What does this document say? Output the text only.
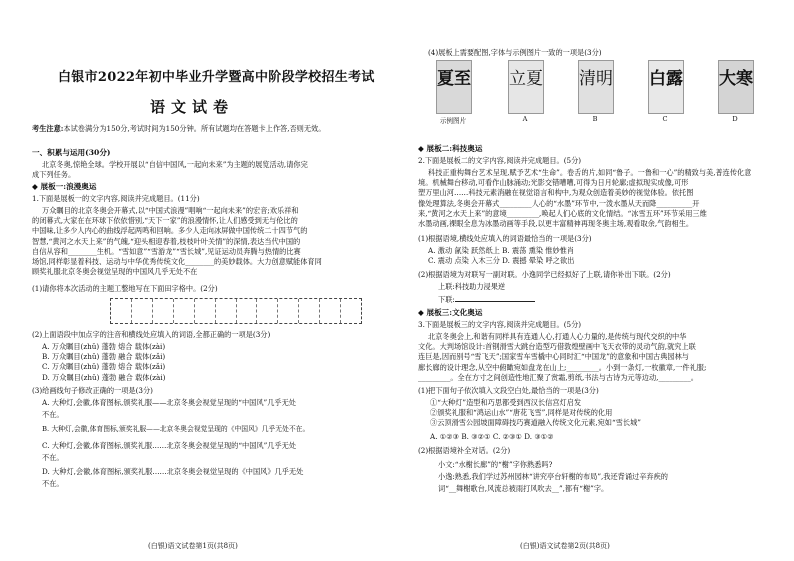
白银市2022年初中毕业升学暨高中阶段学校招生考试
语文试卷
考生注意:本试卷满分为150分,考试时间为150分钟。所有试题均在答题卡上作答,否则无效。
一、积累与运用(30分)
北京冬奥,惊艳全球。学校开展以“自信中国风,一起向未来”为主题的展览活动,请你完
成下列任务。
◆ 展板一:浪漫奥运
1.下面是展板一的文字内容,阅读并完成题目。(11分)
万众瞩目的北京冬奥会开幕式,以“中国式浪漫”唱响“一起向未来”的宏音;欢乐祥和
的闭幕式,大家在在环球下依依惜别,“天下一家”的浪漫情怀,让人们感受到无与伦比的
中国味,让多少人内心的曲线浮起两鸣和回响。多少人走向冰屏做中国传统二十四节气的
智慧,“黄河之水天上来”的气魄,“迎头相迎春着,枝枝叶叶关情”的深情,表达当代中国的
自信从容和________生机。“雪如意”“雪游龙”“雪长城”,见证运动员奔腾与热情的比赛
场馆,同样彰显着科技、运动与中华优秀传统文化________的美妙载体。大力创意赋能体育同
顾奖礼服北京冬奥会视觉呈现的中国风几乎无处不在
(1)请你将本次活动的主题工整地写在下面田字格中。(2分)
(2)上面语段中加点字的注音和横线处应填入的词语,全都正确的一项是(3分)
A. 万众瞩目(zhǔ) 蓬勃 熔合 载体(zài)
B. 万众瞩目(zhǔ) 蓬勃 融合 载体(zǎi)
C. 万众瞩目(zhǔ) 蓬勃 熔合 载体(zǎi)
D. 万众瞩目(zhǔ) 蓬勃 融合 载体(zài)
(3)给画线句子修改正确的一项是(3分)
A. 大种灯,会徽,体育图标,颁奖礼服——北京冬奥会视觉呈现的“中国风”几乎无处
不在。
B. 大种灯,会徽,体育图标,颁奖礼服——北京冬奥会视觉呈现的《中国风》几乎无处不在。
C. 大种灯,会徽,体育图标,颁奖礼服……北京冬奥会视觉呈现的“中国风”几乎无处
不在。
D. 大种灯,会徽,体育图标,颁奖礼服……北京冬奥会视觉呈现的《中国风》几乎无处
不在。
(白银)语文试卷第1页(共8页)
(4)展板上需要配图,字体与示例图片一致的一项是(3分)
夏至 立夏 清明 白露 大寒
示例图片	A	B	C	D
◆ 展板二:科技奥运
2.下面是展板二的文字内容,阅读并完成题目。(5分)
科技正重构舞台艺术呈现,赋予艺术“生命”。卷舌的片,如同“鲁子。一鲁和一心”的精致与美,普连传化意
境。机械舞台移动,可看作山脉涌动;光影交错嘈嘈,可得为日月轮廓;虚拟现实成像,可形
塑万里山河……科技元素消融在视觉语言和构中,为观众创造着美妙的视觉体验。依托图
像处理算法,冬奥会开幕式_________人心的“水墨”环节中,一泼水墨从天而降__________开
来,“黄河之水天上来”的意境_________,唤起人们心底的文化情结。“冰雪五环”环节采用三维
水墨动画,裸眼全息为冰墨动画等手段,以更丰富精神再现冬奥主场,观看取余,气韵相生。
(1)根据语境,横线处应填入的词语最恰当的一项是(3分)
A. 激动 氤染 跃然纸上 B. 震荡 熏染 惟妙惟肖
C. 震动 点染 入木三分 D. 震撼 晕染 呼之欲出
(2)根据语境为对联写一副对联。小逸同学已经拟好了上联,请你补出下联。(2分)
上联:科技助力浸果逆
下联:
◆ 展板三:文化奥运
3.下面是展板三的文字内容,阅读并完成题目。(5分)
北京冬奥会上,和谐有同样具有连通人心,打通人心力量的,是传统与现代交织的中华
文化。大判场馆设计:首钢滑雪大跳台造型巧借敦煌壁画中飞天衣带的灵动气韵,就究上联
连巨是,因而别号“雪飞天”;国家雪车雪橇中心同时汇“中国龙”的意象和中国古典园林与
廊长廊的设计理念,从空中俯瞰宛如盘龙在山上;_________。小到一条灯,一枚徽章,一件礼服;
_________。全在方寸之间创造性地汇聚了赏霜,剪纸,书法与古诗为元等边动,_________。
(1)把下面句子依次填入文段空白处,最恰当的一项是(3分)
①“大种灯”造型和巧思都受到西汉长信宫灯启发
②颁奖礼服和“鸿运山水”“唐花飞雪”,同样是对传统的化用
③云顶滑雪公园坡面障碍技巧赛道融入传统文化元素,宛如“雪长城”
A. ①②③ B. ③②① C. ②③① D. ③①②
(2)根据语境补全对话。(2分)
小文:“水榭长廊”的“榭”字你熟悉吗?
小逸:熟悉,我们学过苏州园林“讲究亭台轩榭的布局”,我还背诵过辛弃疾的
词“__舞榭歌台,风流总被雨打风吹去__”,都有“榭”字。
(白银)语文试卷第2页(共8页)
